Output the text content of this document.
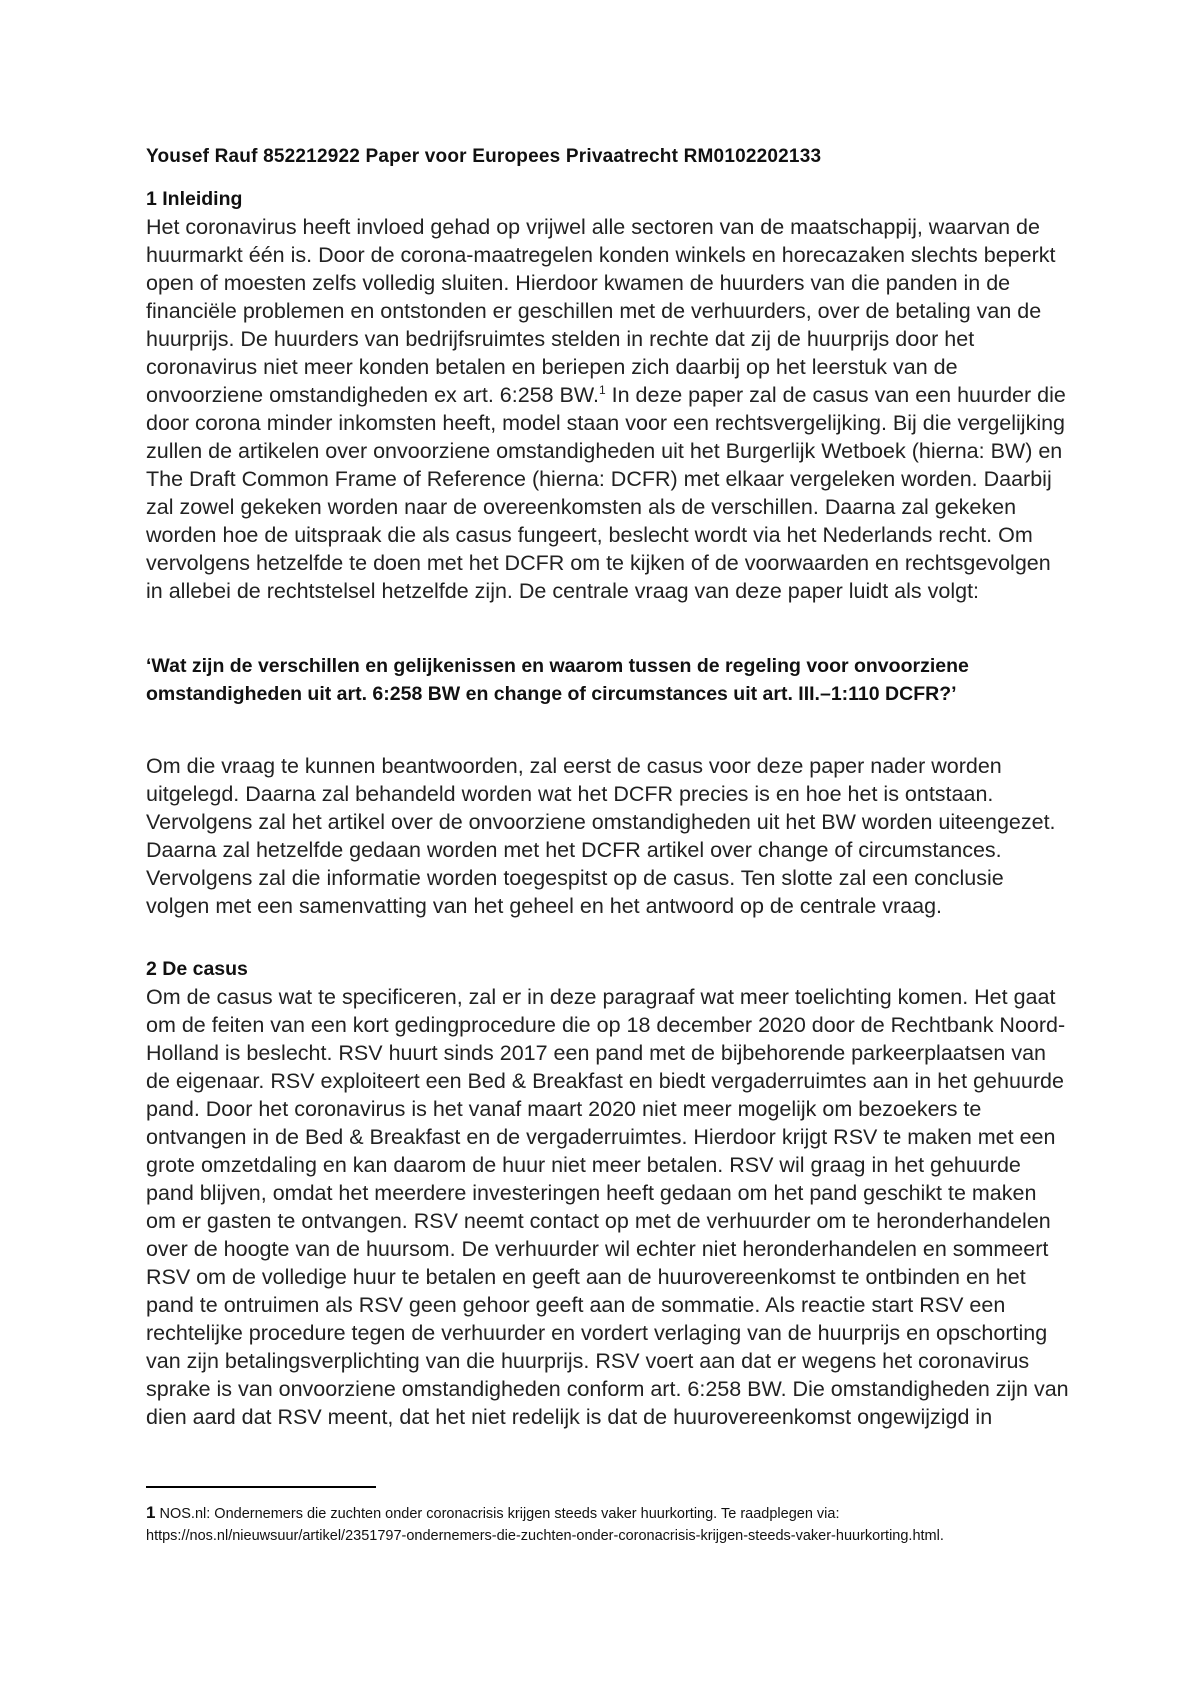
Yousef Rauf 852212922 Paper voor Europees Privaatrecht RM0102202133
1 Inleiding

Het coronavirus heeft invloed gehad op vrijwel alle sectoren van de maatschappij, waarvan de huurmarkt één is. Door de corona-maatregelen konden winkels en horecazaken slechts beperkt open of moesten zelfs volledig sluiten. Hierdoor kwamen de huurders van die panden in de financiële problemen en ontstonden er geschillen met de verhuurders, over de betaling van de huurprijs. De huurders van bedrijfsruimtes stelden in rechte dat zij de huurprijs door het coronavirus niet meer konden betalen en beriepen zich daarbij op het leerstuk van de onvoorziene omstandigheden ex art. 6:258 BW.$^1$ In deze paper zal de casus van een huurder die door corona minder inkomsten heeft, model staan voor een rechtsvergelijking. Bij die vergelijking zullen de artikelen over onvoorziene omstandigheden uit het Burgerlijk Wetboek (hierna: BW) en The Draft Common Frame of Reference (hierna: DCFR) met elkaar vergeleken worden. Daarbij zal zowel gekeken worden naar de overeenkomsten als de verschillen. Daarna zal gekeken worden hoe de uitspraak die als casus fungeert, beslecht wordt via het Nederlands recht. Om vervolgens hetzelfde te doen met het DCFR om te kijken of de voorwaarden en rechtsgevolgen in allebei de rechtstelsel hetzelfde zijn. De centrale vraag van deze paper luidt als volgt:

‘Wat zijn de verschillen en gelijkenissen en waarom tussen de regeling voor onvoorziene omstandigheden uit art. 6:258 BW en change of circumstances uit art. III.–1:110 DCFR?’

Om die vraag te kunnen beantwoorden, zal eerst de casus voor deze paper nader worden uitgelegd. Daarna zal behandeld worden wat het DCFR precies is en hoe het is ontstaan. Vervolgens zal het artikel over de onvoorziene omstandigheden uit het BW worden uiteengezet. Daarna zal hetzelfde gedaan worden met het DCFR artikel over change of circumstances. Vervolgens zal die informatie worden toegespitst op de casus. Ten slotte zal een conclusie volgen met een samenvatting van het geheel en het antwoord op de centrale vraag.

2 De casus

Om de casus wat te specificeren, zal er in deze paragraaf wat meer toelichting komen. Het gaat om de feiten van een kort gedingprocedure die op 18 december 2020 door de Rechtbank Noord-Holland is beslecht. RSV huurt sinds 2017 een pand met de bijbehorende parkeerplaatsen van de eigenaar. RSV exploiteert een Bed & Breakfast en biedt vergaderruimtes aan in het gehuurde pand. Door het coronavirus is het vanaf maart 2020 niet meer mogelijk om bezoekers te ontvangen in de Bed & Breakfast en de vergaderruimtes. Hierdoor krijgt RSV te maken met een grote omzetdaling en kan daarom de huur niet meer betalen. RSV wil graag in het gehuurde pand blijven, omdat het meerdere investeringen heeft gedaan om het pand geschikt te maken om er gasten te ontvangen. RSV neemt contact op met de verhuurder om te heronderhandelen over de hoogte van de huursom. De verhuurder wil echter niet heronderhandelen en sommeert RSV om de volledige huur te betalen en geeft aan de huurovereenkomst te ontbinden en het pand te ontruimen als RSV geen gehoor geeft aan de sommatie. Als reactie start RSV een rechtelijke procedure tegen de verhuurder en vordert verlaging van de huurprijs en opschorting van zijn betalingsverplichting van die huurprijs. RSV voert aan dat er wegens het coronavirus sprake is van onvoorziene omstandigheden conform art. 6:258 BW. Die omstandigheden zijn van dien aard dat RSV meent, dat het niet redelijk is dat de huurovereenkomst ongewijzigd in

1 NOS.nl: Ondernemers die zuchten onder coronacrisis krijgen steeds vaker huurkorting. Te raadplegen via: https://nos.nl/nieuwsuur/artikel/2351797-ondernemers-die-zuchten-onder-coronacrisis-krijgen-steeds-vaker-huurkorting.html.
